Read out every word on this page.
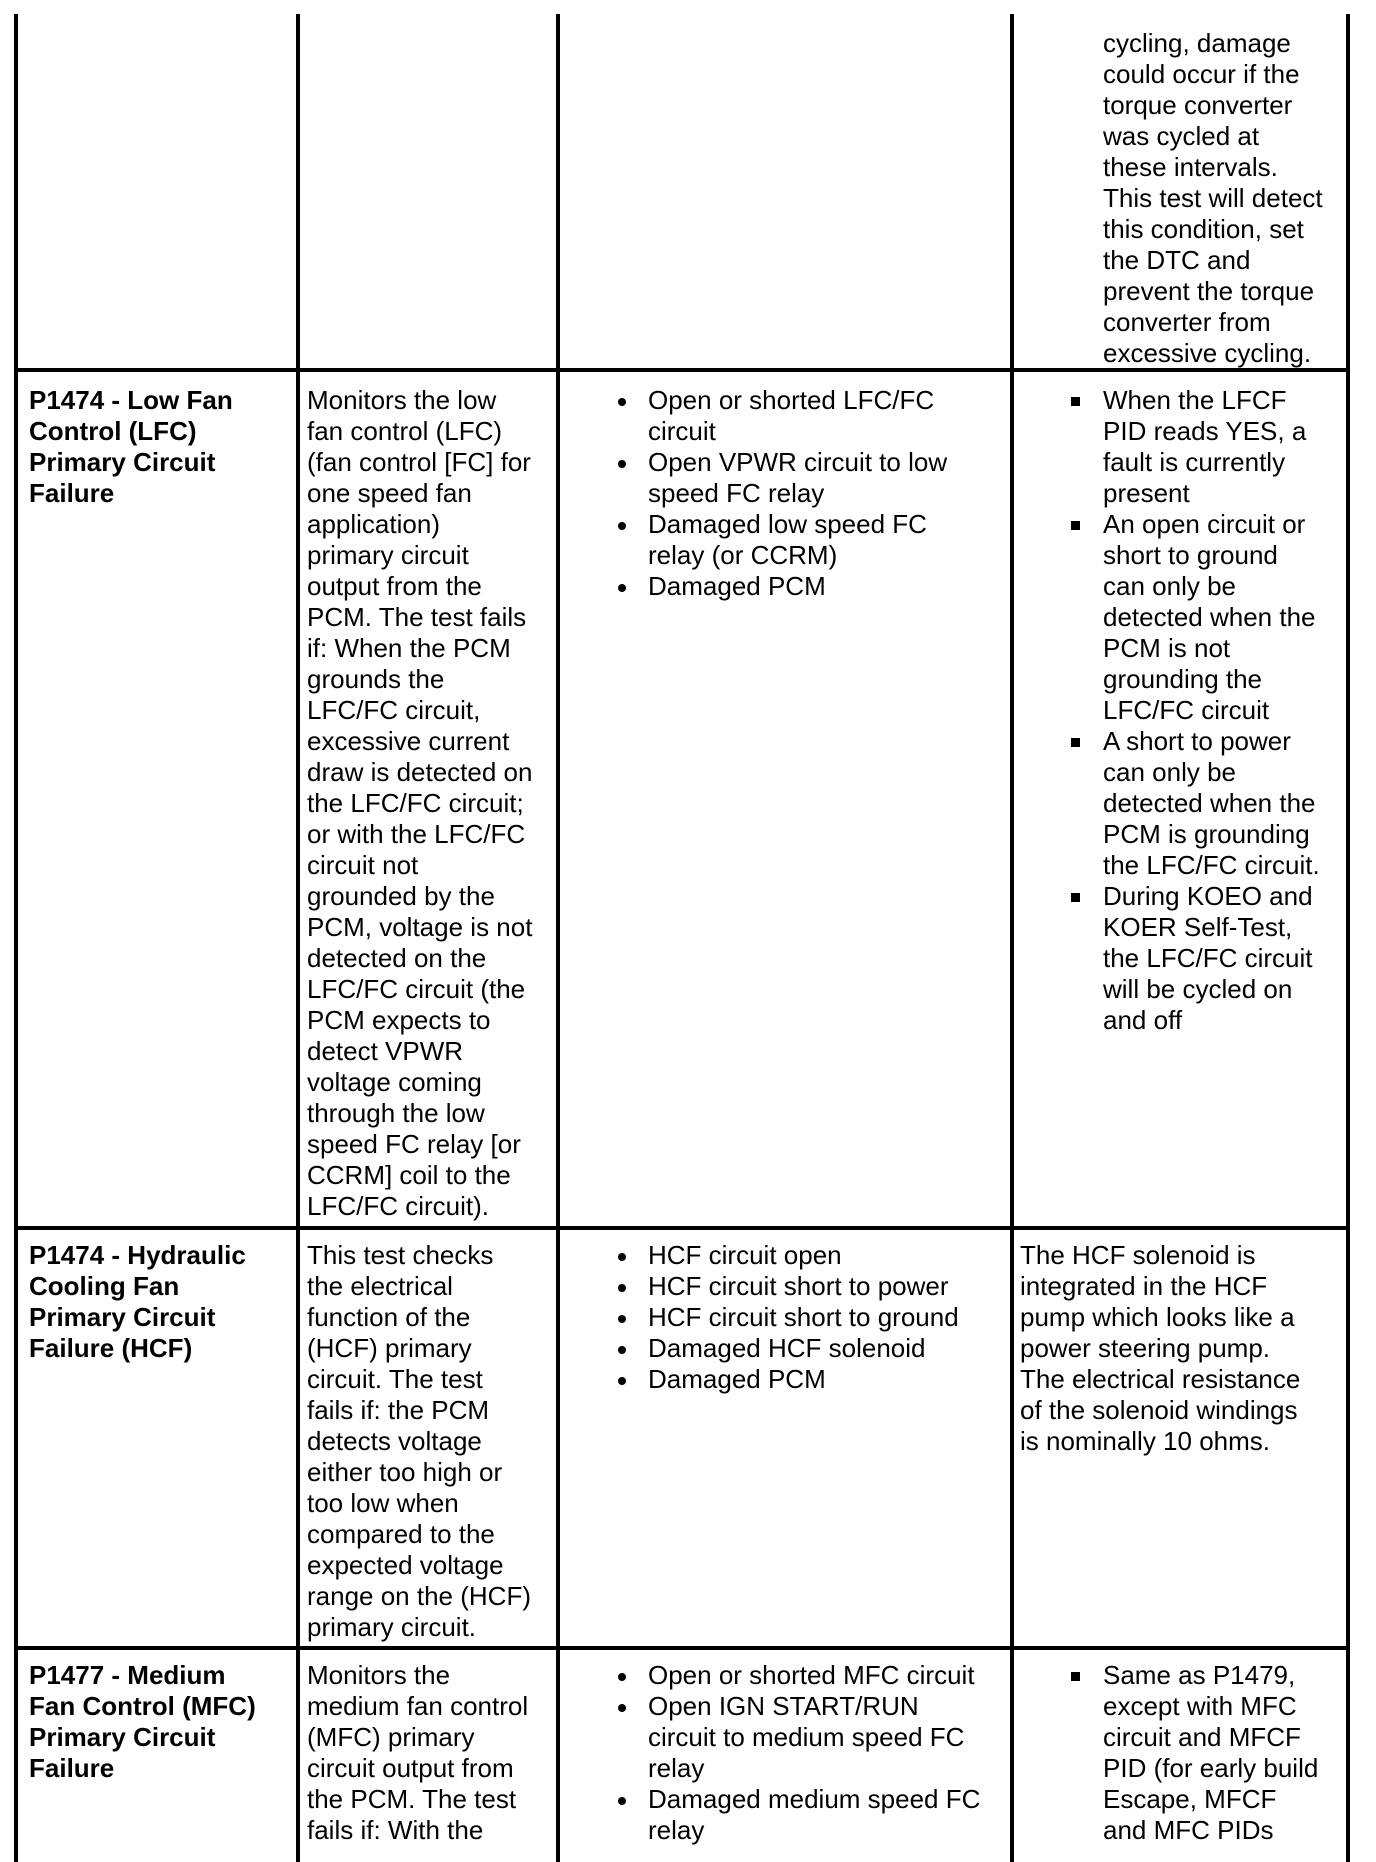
cycling, damage
could occur if the
torque converter
was cycled at
these intervals.
This test will detect
this condition, set
the DTC and
prevent the torque
converter from
excessive cycling.

P1474 - Low Fan
Control (LFC)
Primary Circuit
Failure

Monitors the low
fan control (LFC)
(fan control [FC] for
one speed fan
application)
primary circuit
output from the
PCM. The test fails
if: When the PCM
grounds the
LFC/FC circuit,
excessive current
draw is detected on
the LFC/FC circuit;
or with the LFC/FC
circuit not
grounded by the
PCM, voltage is not
detected on the
LFC/FC circuit (the
PCM expects to
detect VPWR
voltage coming
through the low
speed FC relay [or
CCRM] coil to the
LFC/FC circuit).

Open or shorted LFC/FC
circuit
Open VPWR circuit to low
speed FC relay
Damaged low speed FC
relay (or CCRM)
Damaged PCM
When the LFCF
PID reads YES, a
fault is currently
present
An open circuit or
short to ground
can only be
detected when the
PCM is not
grounding the
LFC/FC circuit
A short to power
can only be
detected when the
PCM is grounding
the LFC/FC circuit.
During KOEO and
KOER Self-Test,
the LFC/FC circuit
will be cycled on
and off

P1474 - Hydraulic
Cooling Fan
Primary Circuit
Failure (HCF)

This test checks
the electrical
function of the
(HCF) primary
circuit. The test
fails if: the PCM
detects voltage
either too high or
too low when
compared to the
expected voltage
range on the (HCF)
primary circuit.

HCF circuit open
HCF circuit short to power
HCF circuit short to ground
Damaged HCF solenoid
Damaged PCM

The HCF solenoid is
integrated in the HCF
pump which looks like a
power steering pump.
The electrical resistance
of the solenoid windings
is nominally 10 ohms.

P1477 - Medium
Fan Control (MFC)
Primary Circuit
Failure

Monitors the
medium fan control
(MFC) primary
circuit output from
the PCM. The test
fails if: With the

Open or shorted MFC circuit
Open IGN START/RUN
circuit to medium speed FC
relay
Damaged medium speed FC
relay
Same as P1479,
except with MFC
circuit and MFCF
PID (for early build
Escape, MFCF
and MFC PIDs
